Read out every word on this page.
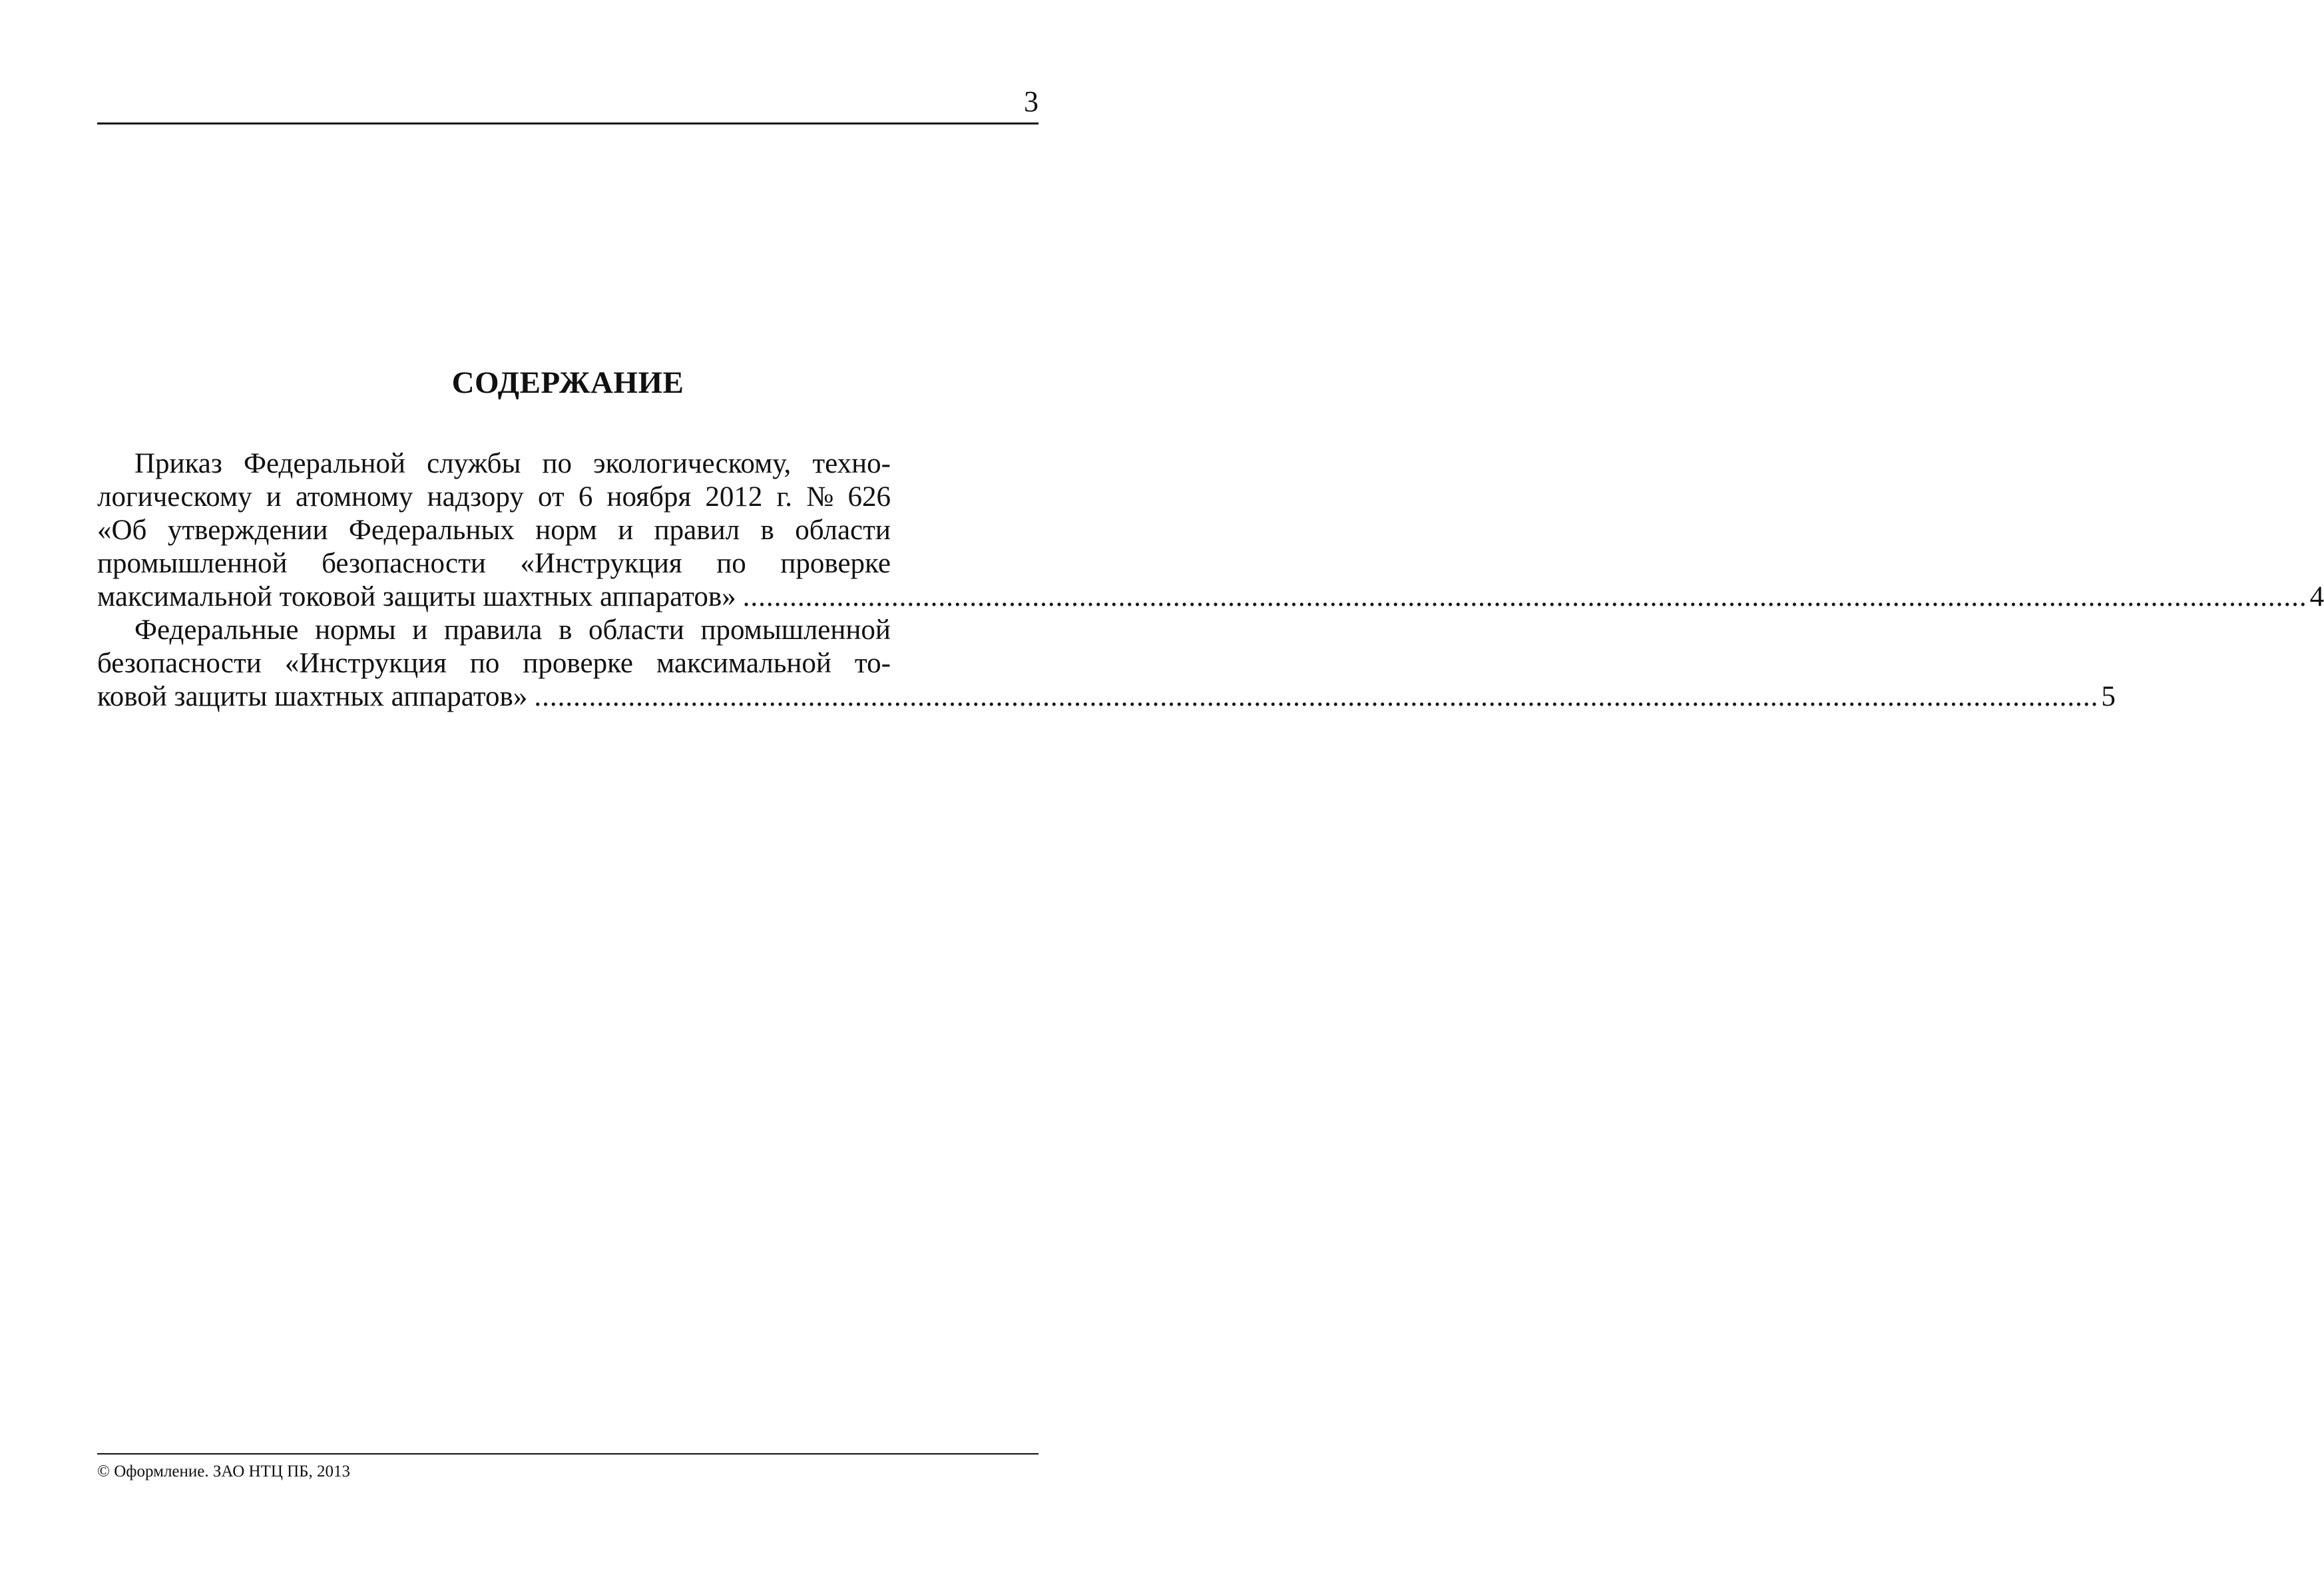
3
СОДЕРЖАНИЕ
Приказ Федеральной службы по экологическому, техно-
логическому и атомному надзору от 6 ноября 2012 г. № 626
«Об утверждении Федеральных норм и правил в области
промышленной безопасности «Инструкция по проверке
максимальной токовой защиты шахтных аппаратов» ........................................................................................................................................................................................................ 4
Федеральные нормы и правила в области промышленной
безопасности «Инструкция по проверке максимальной то-
ковой защиты шахтных аппаратов» ........................................................................................................................................................................................................ 5
© Оформление. ЗАО НТЦ ПБ, 2013
